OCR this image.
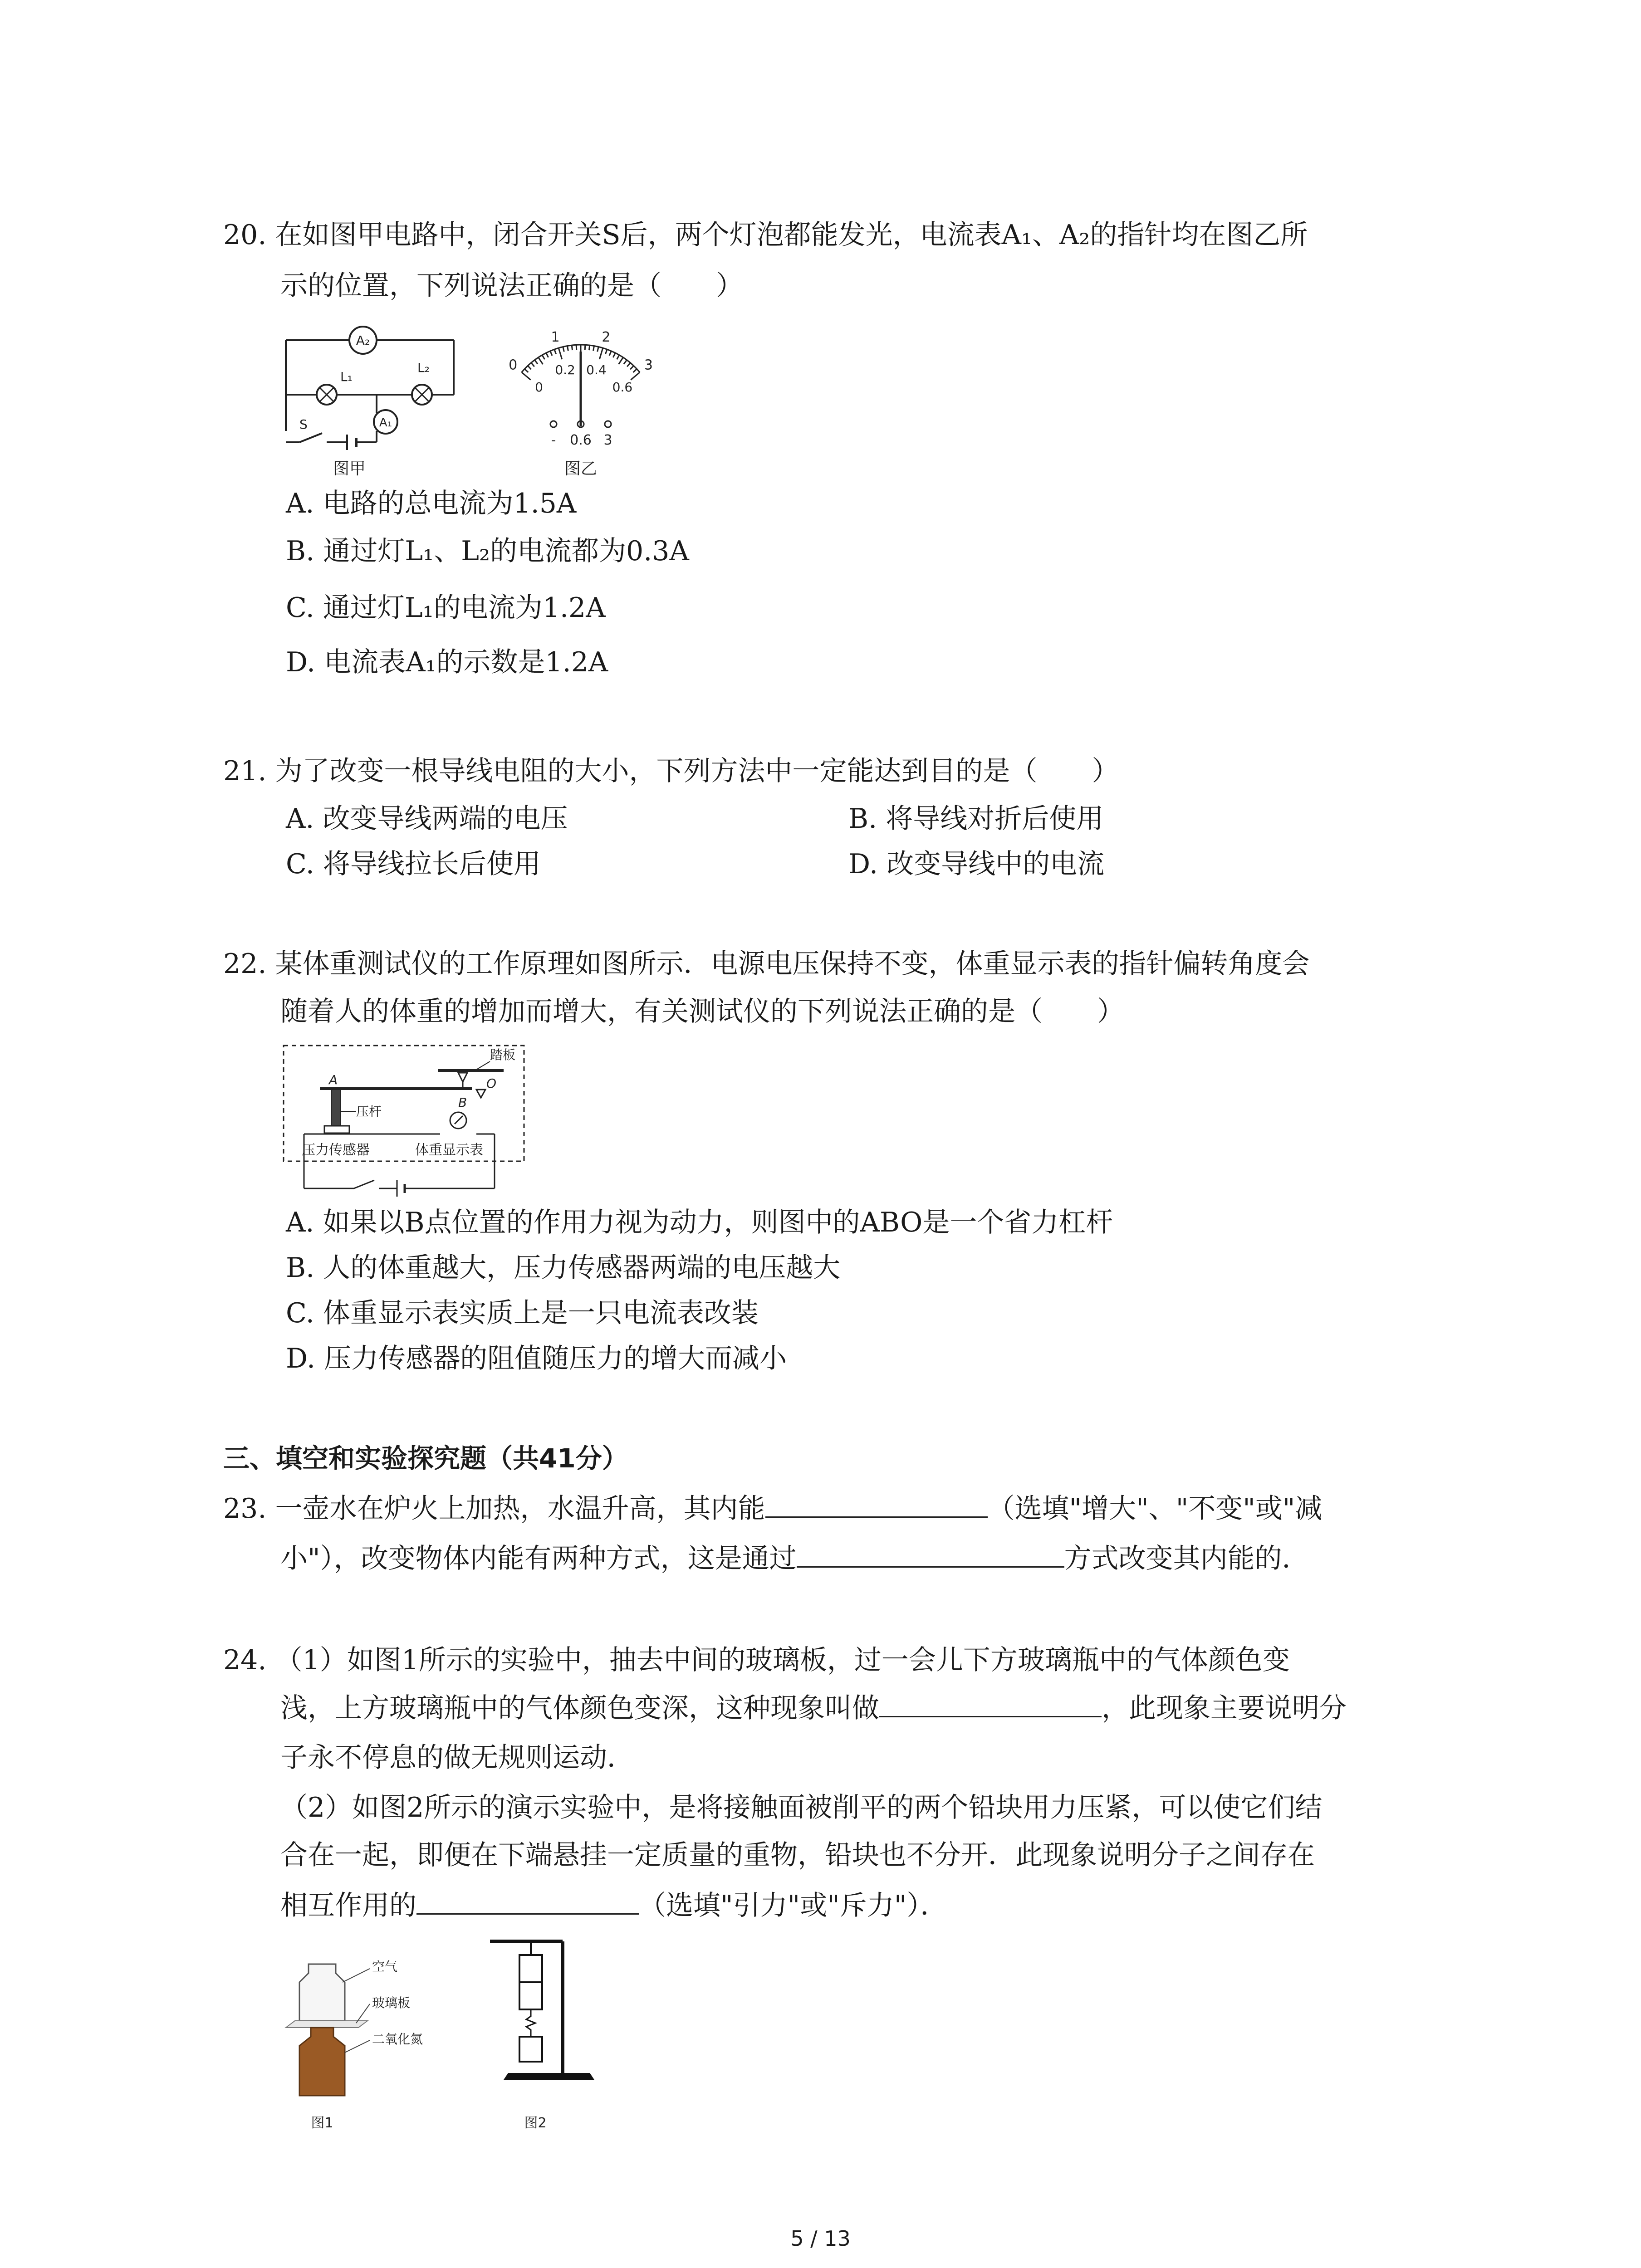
20. 在如图甲电路中，闭合开关S后，两个灯泡都能发光，电流表A₁、A₂的指针均在图乙所
示的位置，下列说法正确的是（　　）
A₂
L₁
L₂
A₁
S
图甲
0
1	2
3
0
0.2 0.4
0.6
- 0.6 3
图乙
A. 电路的总电流为1.5A
B. 通过灯L₁、L₂的电流都为0.3A
C. 通过灯L₁的电流为1.2A
D. 电流表A₁的示数是1.2A
21. 为了改变一根导线电阻的大小，下列方法中一定能达到目的是（　　）
A. 改变导线两端的电压	B. 将导线对折后使用
C. 将导线拉长后使用	D. 改变导线中的电流
22. 某体重测试仪的工作原理如图所示．电源电压保持不变，体重显示表的指针偏转角度会
随着人的体重的增加而增大，有关测试仪的下列说法正确的是（　　）
踏板
O
B
A
压杆
压力传感器	体重显示表
A. 如果以B点位置的作用力视为动力，则图中的ABO是一个省力杠杆
B. 人的体重越大，压力传感器两端的电压越大
C. 体重显示表实质上是一只电流表改装
D. 压力传感器的阻值随压力的增大而减小
三、填空和实验探究题（共41分）
23. 一壶水在炉火上加热，水温升高，其内能	（选填"增大"、"不变"或"减
小"），改变物体内能有两种方式，这是通过	方式改变其内能的．
24. （1）如图1所示的实验中，抽去中间的玻璃板，过一会儿下方玻璃瓶中的气体颜色变
浅，上方玻璃瓶中的气体颜色变深，这种现象叫做	，此现象主要说明分
子永不停息的做无规则运动．
（2）如图2所示的演示实验中，是将接触面被削平的两个铅块用力压紧，可以使它们结
合在一起，即便在下端悬挂一定质量的重物，铅块也不分开．此现象说明分子之间存在
相互作用的	（选填"引力"或"斥力"）．
空气
玻璃板
二氧化氮
图1	图2
5 / 13
